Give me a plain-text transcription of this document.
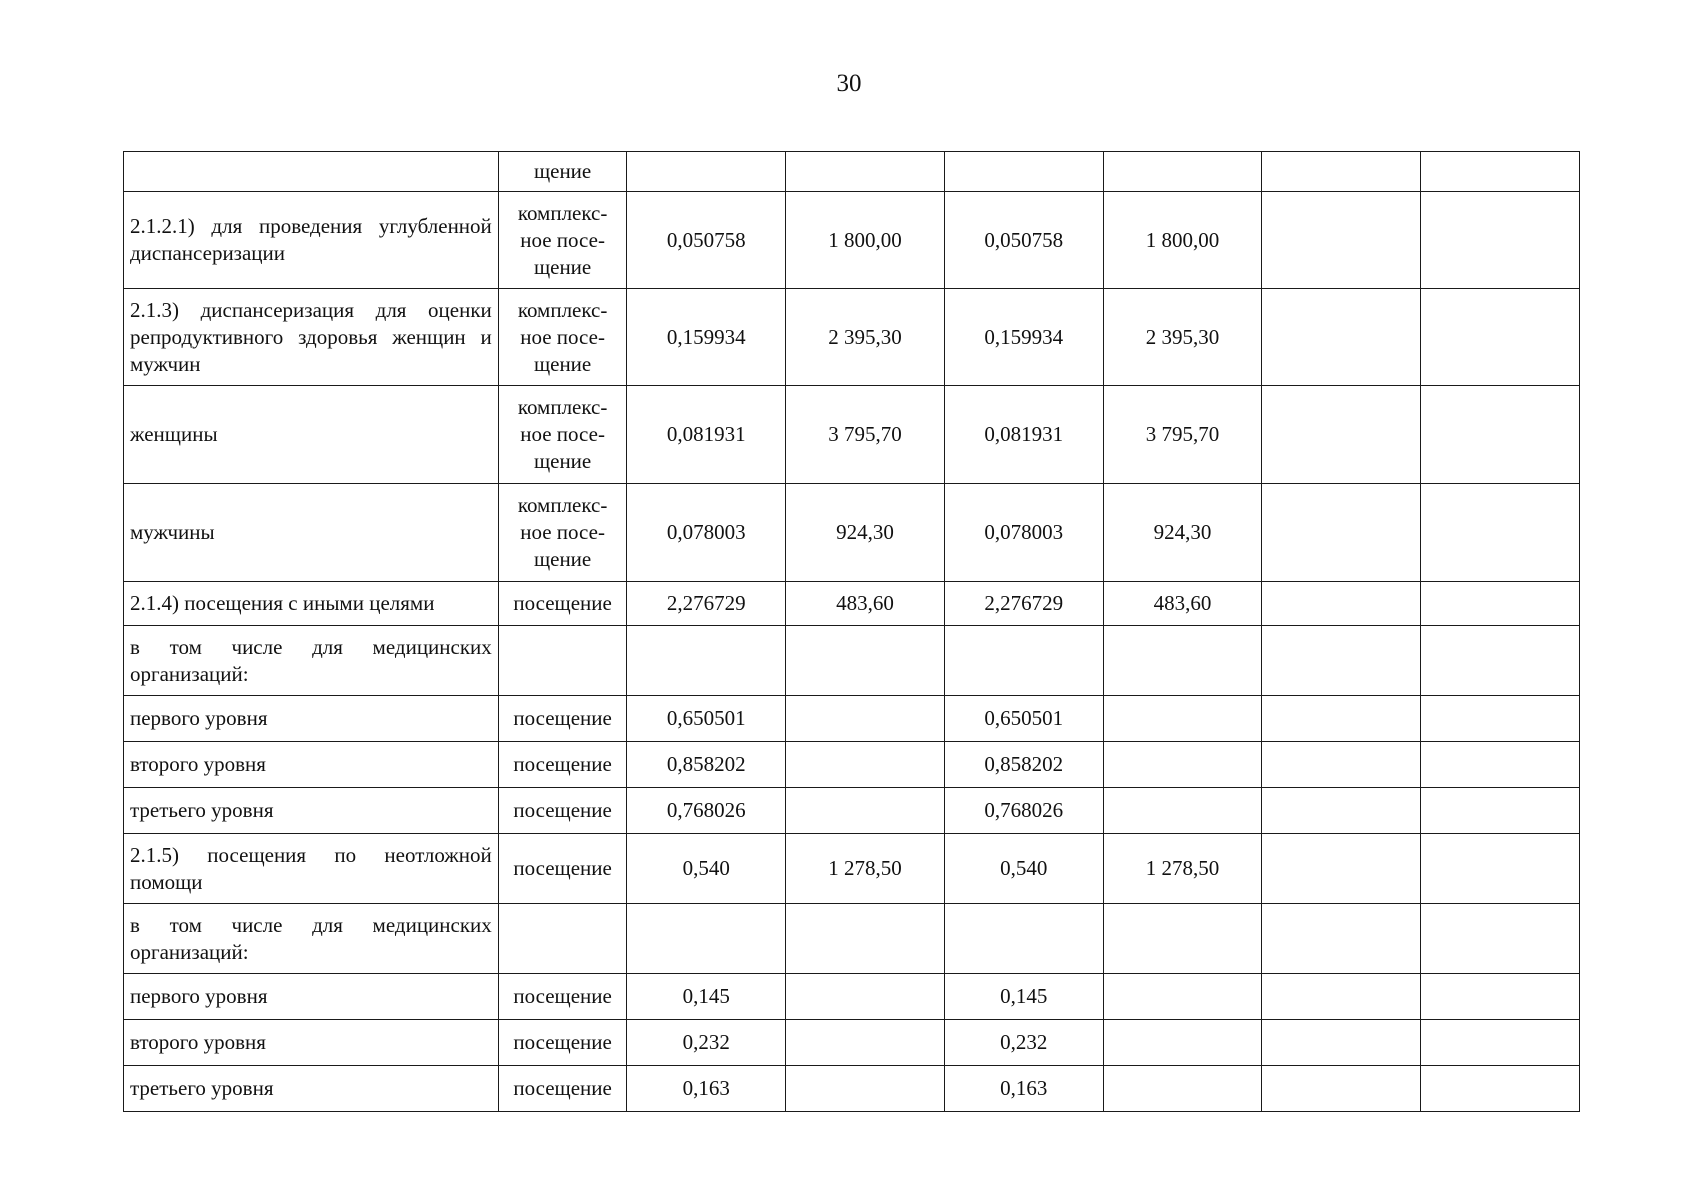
30
	щение						
2.1.2.1) для проведения углубленной диспансеризации	комплекс-ное посе-щение	0,050758	1 800,00	0,050758	1 800,00		
2.1.3) диспансеризация для оценки репродуктивного здоровья женщин и мужчин	комплекс-ное посе-щение	0,159934	2 395,30	0,159934	2 395,30		
женщины	комплекс-ное посе-щение	0,081931	3 795,70	0,081931	3 795,70		
мужчины	комплекс-ное посе-щение	0,078003	924,30	0,078003	924,30		
2.1.4) посещения с иными целями	посещение	2,276729	483,60	2,276729	483,60		
в том числе для медицинских организаций:							
первого уровня	посещение	0,650501		0,650501			
второго уровня	посещение	0,858202		0,858202			
третьего уровня	посещение	0,768026		0,768026			
2.1.5) посещения по неотложной помощи	посещение	0,540	1 278,50	0,540	1 278,50		
в том числе для медицинских организаций:							
первого уровня	посещение	0,145		0,145			
второго уровня	посещение	0,232		0,232			
третьего уровня	посещение	0,163		0,163			
